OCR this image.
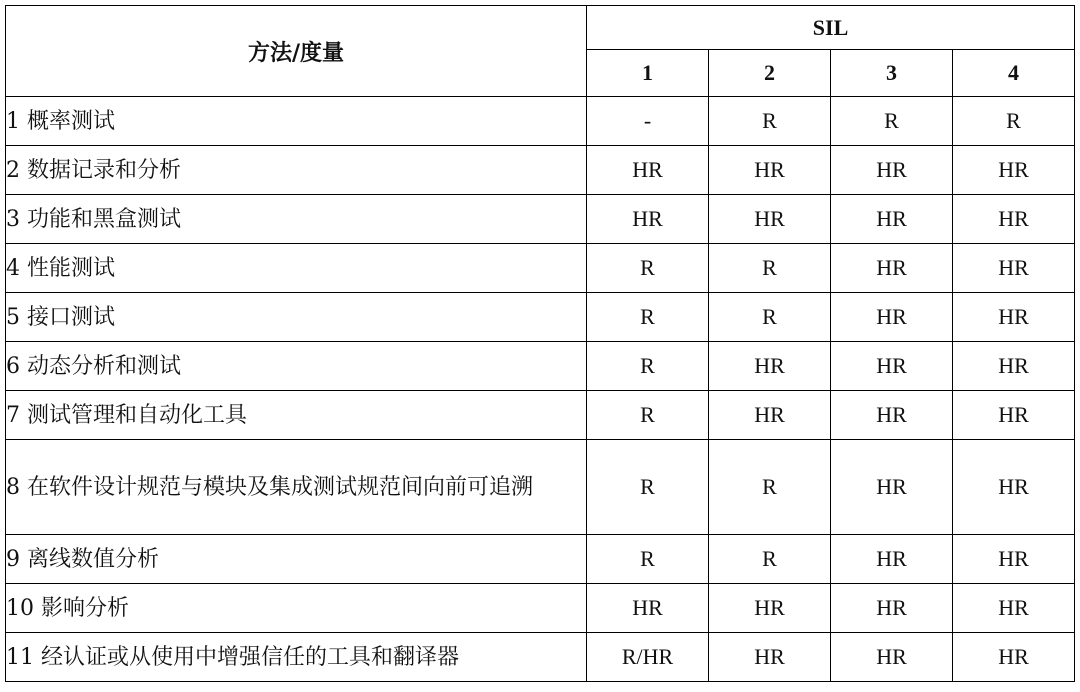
方法/度量	SIL			
	1	2	3	4
1 概率测试	-	R	R	R
2 数据记录和分析	HR	HR	HR	HR
3 功能和黑盒测试	HR	HR	HR	HR
4 性能测试	R	R	HR	HR
5 接口测试	R	R	HR	HR
6 动态分析和测试	R	HR	HR	HR
7 测试管理和自动化工具	R	HR	HR	HR
8 在软件设计规范与模块及集成测试规范间向前可追溯	R	R	HR	HR
9 离线数值分析	R	R	HR	HR
10 影响分析	HR	HR	HR	HR
11 经认证或从使用中增强信任的工具和翻译器	R/HR	HR	HR	HR
